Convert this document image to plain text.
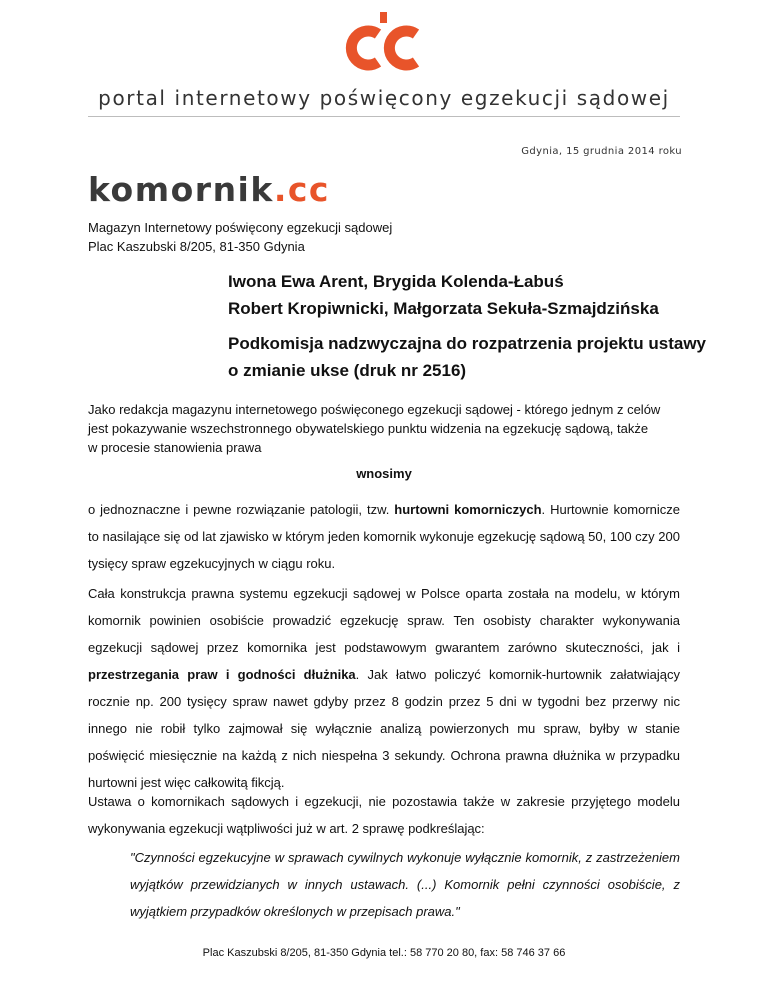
portal internetowy poświęcony egzekucji sądowej
Gdynia, 15 grudnia 2014 roku
komornik.cc
Magazyn Internetowy poświęcony egzekucji sądowej
Plac Kaszubski 8/205, 81-350 Gdynia
Iwona Ewa Arent, Brygida Kolenda-Łabuś
Robert Kropiwnicki, Małgorzata Sekuła-Szmajdzińska
Podkomisja nadzwyczajna do rozpatrzenia projektu ustawy
o zmianie ukse (druk nr 2516)
Jako redakcja magazynu internetowego poświęconego egzekucji sądowej - którego jednym z celów
jest pokazywanie wszechstronnego obywatelskiego punktu widzenia na egzekucję sądową, także
w procesie stanowienia prawa
wnosimy
o jednoznaczne i pewne rozwiązanie patologii, tzw. hurtowni komorniczych. Hurtownie komornicze to nasilające się od lat zjawisko w którym jeden komornik wykonuje egzekucję sądową 50, 100 czy 200 tysięcy spraw egzekucyjnych w ciągu roku.
Cała konstrukcja prawna systemu egzekucji sądowej w Polsce oparta została na modelu, w którym komornik powinien osobiście prowadzić egzekucję spraw. Ten osobisty charakter wykonywania egzekucji sądowej przez komornika jest podstawowym gwarantem zarówno skuteczności, jak i przestrzegania praw i godności dłużnika. Jak łatwo policzyć komornik-hurtownik załatwiający rocznie np. 200 tysięcy spraw nawet gdyby przez 8 godzin przez 5 dni w tygodni bez przerwy nic innego nie robił tylko zajmował się wyłącznie analizą powierzonych mu spraw, byłby w stanie poświęcić miesięcznie na każdą z nich niespełna 3 sekundy. Ochrona prawna dłużnika w przypadku hurtowni jest więc całkowitą fikcją.
Ustawa o komornikach sądowych i egzekucji, nie pozostawia także w zakresie przyjętego modelu wykonywania egzekucji wątpliwości już w art. 2 sprawę podkreślając:
"Czynności egzekucyjne w sprawach cywilnych wykonuje wyłącznie komornik, z zastrzeżeniem wyjątków przewidzianych w innych ustawach. (...) Komornik pełni czynności osobiście, z wyjątkiem przypadków określonych w przepisach prawa."
Plac Kaszubski 8/205, 81-350 Gdynia tel.: 58 770 20 80, fax: 58 746 37 66
